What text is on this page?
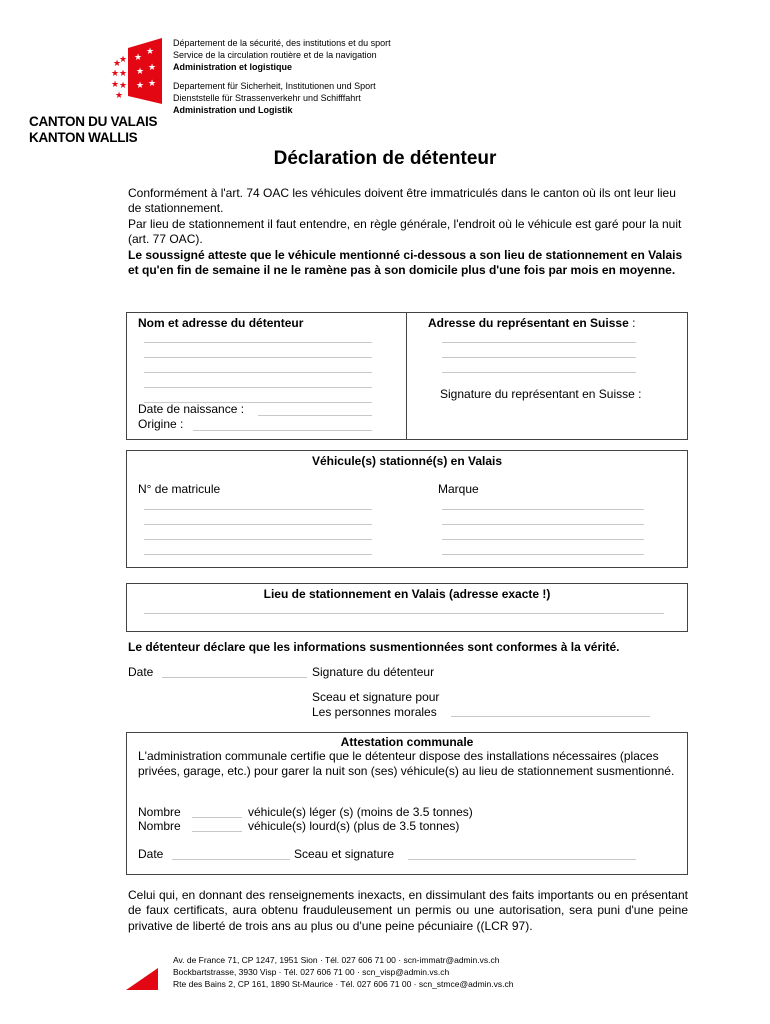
★
★
★ ★
★ ★
★
★
★
★ ★
★ ★
CANTON DU VALAIS
KANTON WALLIS
Département de la sécurité, des institutions et du sport
Service de la circulation routière et de la navigation
Administration et logistique
Departement für Sicherheit, Institutionen und Sport
Dienststelle für Strassenverkehr und Schifffahrt
Administration und Logistik
Déclaration de détenteur

Conformément à l'art. 74 OAC les véhicules doivent être immatriculés dans le canton où ils ont leur lieu de stationnement.

Par lieu de stationnement il faut entendre, en règle générale, l'endroit où le véhicule est garé pour la nuit (art. 77 OAC).

Le soussigné atteste que le véhicule mentionné ci-dessous a son lieu de stationnement en Valais et qu'en fin de semaine il ne le ramène pas à son domicile plus d'une fois par mois en moyenne.

Nom et adresse du détenteur	Adresse du représentant en Suisse :
Date de naissance :
Origine :
Signature du représentant en Suisse :
Véhicule(s) stationné(s) en Valais
N° de matricule	Marque
Lieu de stationnement en Valais (adresse exacte !)
Le détenteur déclare que les informations susmentionnées sont conformes à la vérité.
Date	Signature du détenteur
Sceau et signature pour
Les personnes morales
Attestation communale
L'administration communale certifie que le détenteur dispose des installations nécessaires (places privées, garage, etc.) pour garer la nuit son (ses) véhicule(s) au lieu de stationnement susmentionné.
Nombre	véhicule(s) léger (s) (moins de 3.5 tonnes)
Nombre	véhicule(s) lourd(s) (plus de 3.5 tonnes)
Date	Sceau et signature
Celui qui, en donnant des renseignements inexacts, en dissimulant des faits importants ou en présentant de faux certificats, aura obtenu frauduleusement un permis ou une autorisation, sera puni d'une peine privative de liberté de trois ans au plus ou d'une peine pécuniaire ((LCR 97).
Av. de France 71, CP 1247, 1951 Sion · Tél. 027 606 71 00 · scn-immatr@admin.vs.ch
Bockbartstrasse, 3930 Visp · Tél. 027 606 71 00 · scn_visp@admin.vs.ch
Rte des Bains 2, CP 161, 1890 St-Maurice · Tél. 027 606 71 00 · scn_stmce@admin.vs.ch
